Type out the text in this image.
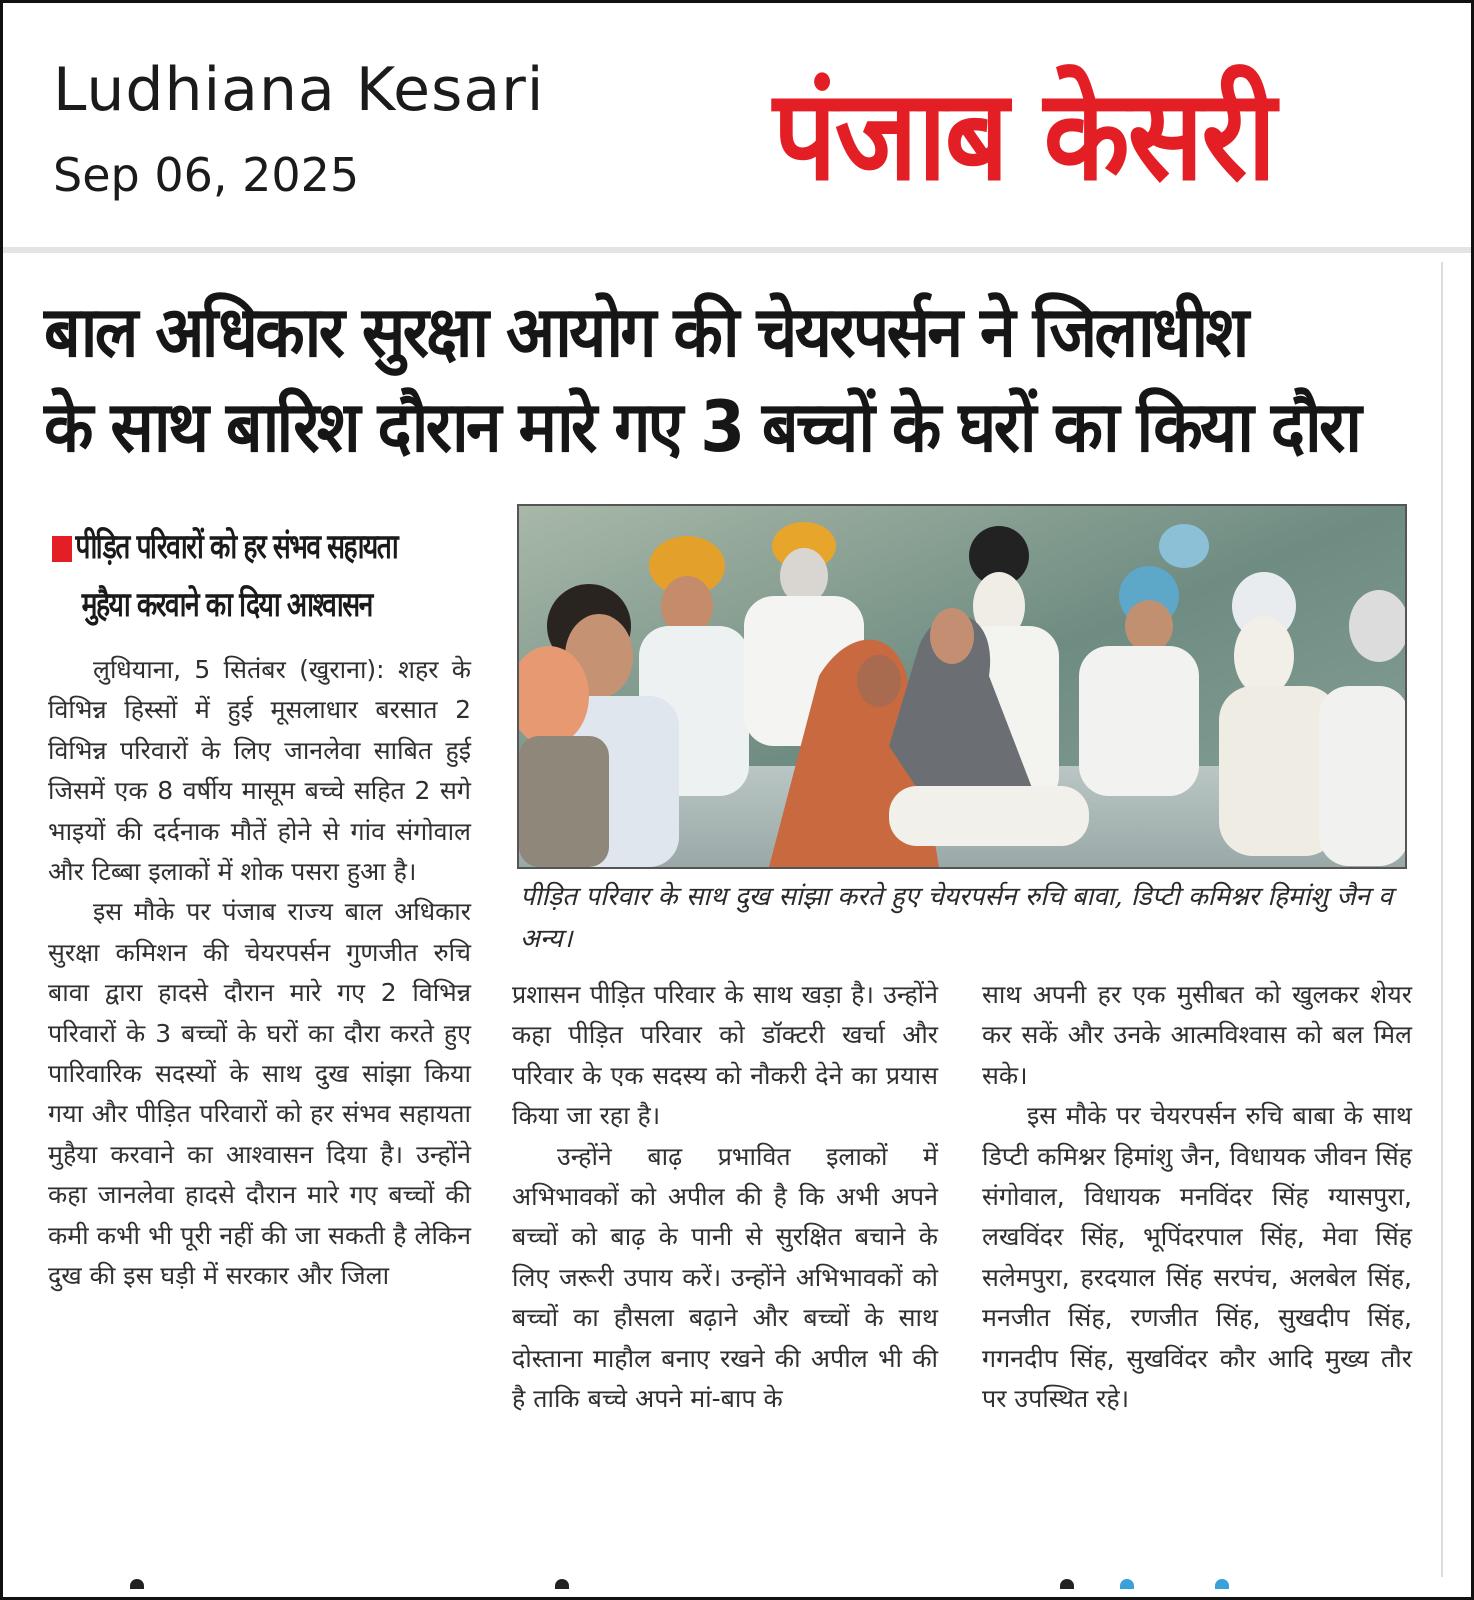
Ludhiana Kesari
Sep 06, 2025	पंजाब केसरी
बाल अधिकार सुरक्षा आयोग की चेयरपर्सन ने जिलाधीश
के साथ बारिश दौरान मारे गए 3 बच्चों के घरों का किया दौरा
पीड़ित परिवारों को हर संभव सहायता
मुहैया करवाने का दिया आश्वासन
पीड़ित परिवार के साथ दुख सांझा करते हुए चेयरपर्सन रुचि बावा, डिप्टी कमिश्नर हिमांशु जैन व अन्य।
लुधियाना, 5 सितंबर (खुराना): शहर के विभिन्न हिस्सों में हुई मूसलाधार बरसात 2 विभिन्न परिवारों के लिए जानलेवा साबित हुई जिसमें एक 8 वर्षीय मासूम बच्चे सहित 2 सगे भाइयों की दर्दनाक मौतें होने से गांव संगोवाल और टिब्बा इलाकों में शोक पसरा हुआ है।
इस मौके पर पंजाब राज्य बाल अधिकार सुरक्षा कमिशन की चेयरपर्सन गुणजीत रुचि बावा द्वारा हादसे दौरान मारे गए 2 विभिन्न परिवारों के 3 बच्चों के घरों का दौरा करते हुए पारिवारिक सदस्यों के साथ दुख सांझा किया गया और पीड़ित परिवारों को हर संभव सहायता मुहैया करवाने का आश्वासन दिया है। उन्होंने कहा जानलेवा हादसे दौरान मारे गए बच्चों की कमी कभी भी पूरी नहीं की जा सकती है लेकिन दुख की इस घड़ी में सरकार और जिला
प्रशासन पीड़ित परिवार के साथ खड़ा है। उन्होंने कहा पीड़ित परिवार को डॉक्टरी खर्चा और परिवार के एक सदस्य को नौकरी देने का प्रयास किया जा रहा है।
उन्होंने बाढ़ प्रभावित इलाकों में अभिभावकों को अपील की है कि अभी अपने बच्चों को बाढ़ के पानी से सुरक्षित बचाने के लिए जरूरी उपाय करें। उन्होंने अभिभावकों को बच्चों का हौसला बढ़ाने और बच्चों के साथ दोस्ताना माहौल बनाए रखने की अपील भी की है ताकि बच्चे अपने मां-बाप के
साथ अपनी हर एक मुसीबत को खुलकर शेयर कर सकें और उनके आत्मविश्वास को बल मिल सके।
इस मौके पर चेयरपर्सन रुचि बाबा के साथ डिप्टी कमिश्नर हिमांशु जैन, विधायक जीवन सिंह संगोवाल, विधायक मनविंदर सिंह ग्यासपुरा, लखविंदर सिंह, भूपिंदरपाल सिंह, मेवा सिंह सलेमपुरा, हरदयाल सिंह सरपंच, अलबेल सिंह, मनजीत सिंह, रणजीत सिंह, सुखदीप सिंह, गगनदीप सिंह, सुखविंदर कौर आदि मुख्य तौर पर उपस्थित रहे।
